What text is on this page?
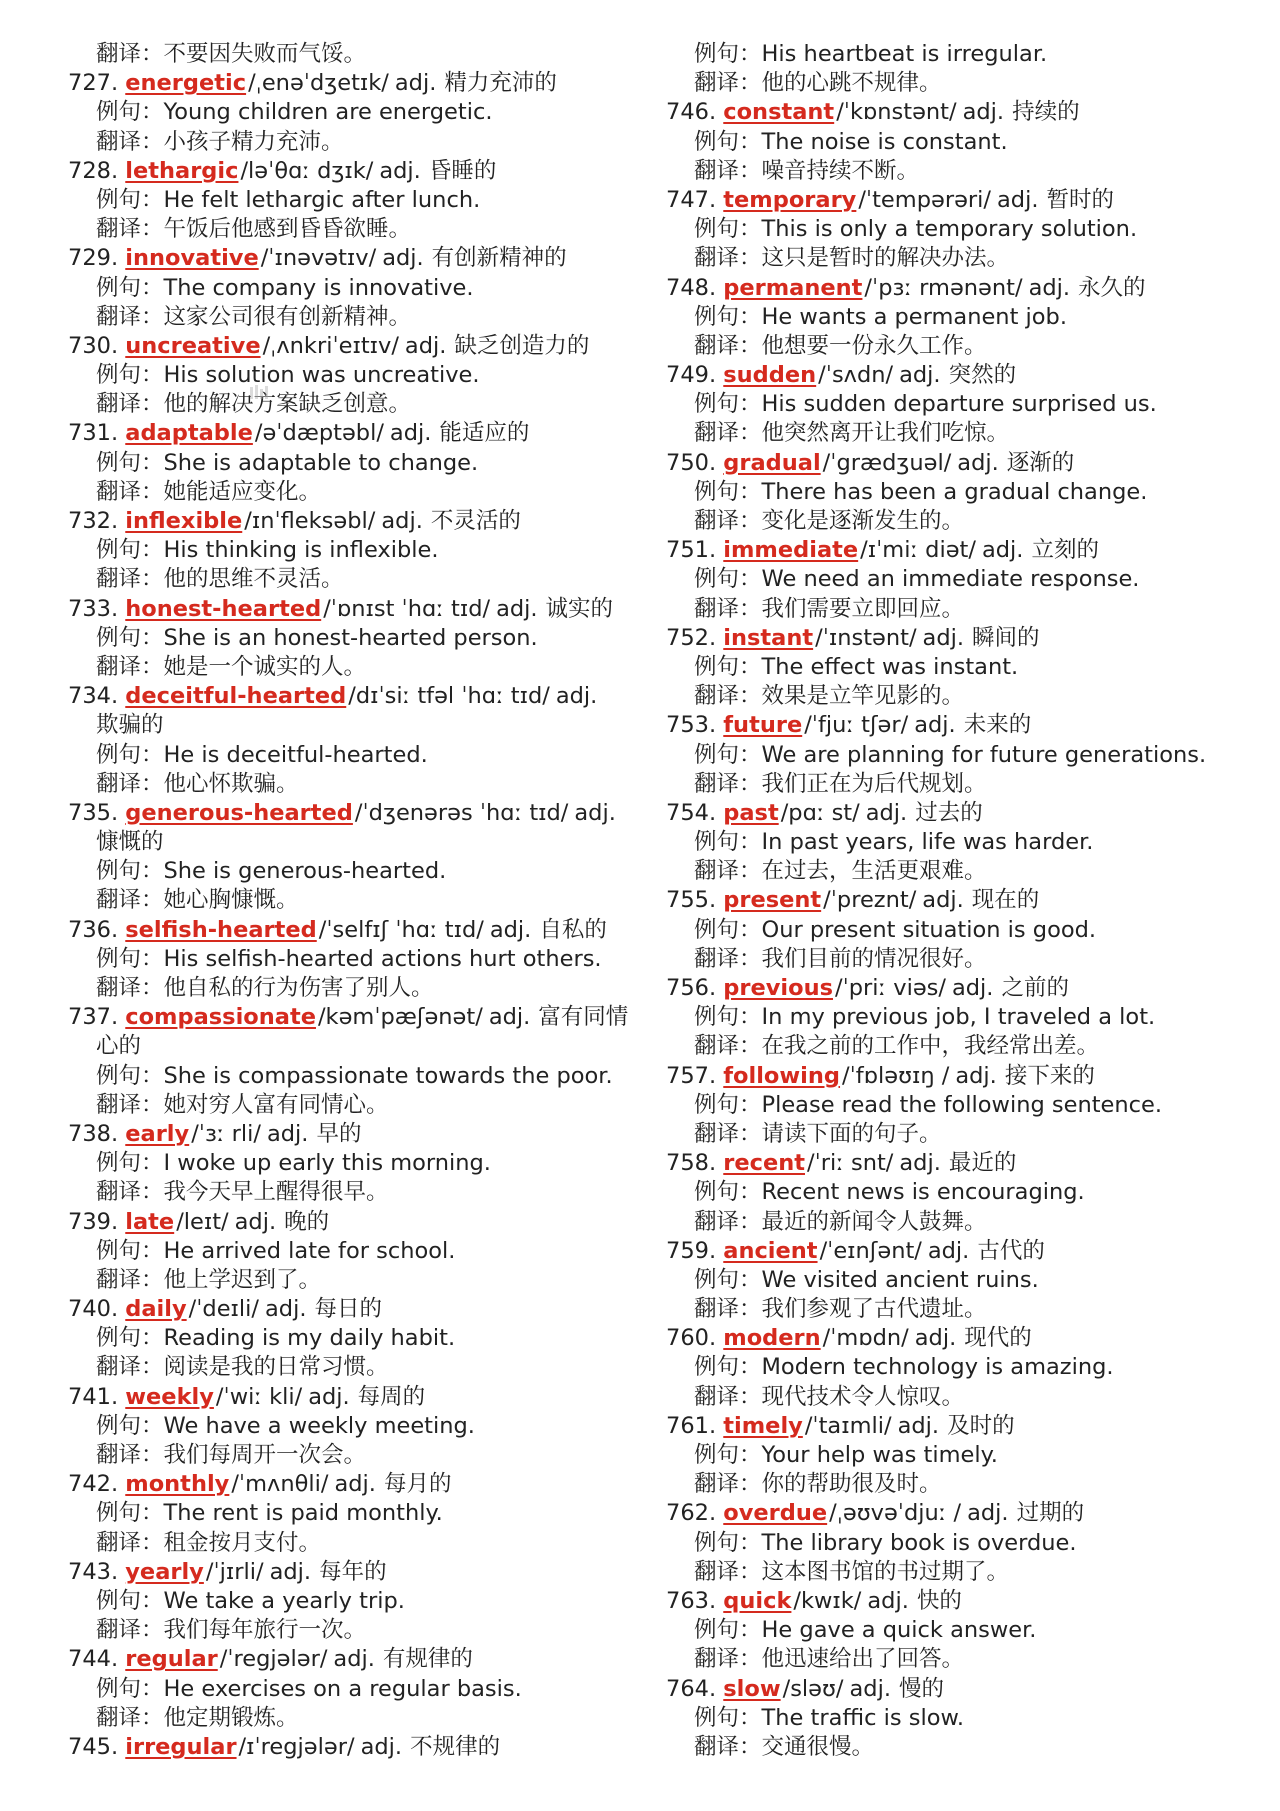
翻译：不要因失败而气馁。
727. energetic/ˌenəˈdʒetɪk/ adj. 精力充沛的
例句：Young children are energetic.
翻译：小孩子精力充沛。
728. lethargic/ləˈθɑː dʒɪk/ adj. 昏睡的
例句：He felt lethargic after lunch.
翻译：午饭后他感到昏昏欲睡。
729. innovative/ˈɪnəvətɪv/ adj. 有创新精神的
例句：The company is innovative.
翻译：这家公司很有创新精神。
730. uncreative/ˌʌnkriˈeɪtɪv/ adj. 缺乏创造力的
例句：His solution was uncreative.
翻译：他的解决方案缺乏创意。
731. adaptable/əˈdæptəbl/ adj. 能适应的
例句：She is adaptable to change.
翻译：她能适应变化。
732. inflexible/ɪnˈfleksəbl/ adj. 不灵活的
例句：His thinking is inflexible.
翻译：他的思维不灵活。
733. honest-hearted/ˈɒnɪst ˈhɑː tɪd/ adj. 诚实的
例句：She is an honest-hearted person.
翻译：她是一个诚实的人。
734. deceitful-hearted/dɪˈsiː tfəl ˈhɑː tɪd/ adj.
欺骗的
例句：He is deceitful-hearted.
翻译：他心怀欺骗。
735. generous-hearted/ˈdʒenərəs ˈhɑː tɪd/ adj.
慷慨的
例句：She is generous-hearted.
翻译：她心胸慷慨。
736. selfish-hearted/ˈselfɪʃ ˈhɑː tɪd/ adj. 自私的
例句：His selfish-hearted actions hurt others.
翻译：他自私的行为伤害了别人。
737. compassionate/kəmˈpæʃənət/ adj. 富有同情
心的
例句：She is compassionate towards the poor.
翻译：她对穷人富有同情心。
738. early/ˈɜː rli/ adj. 早的
例句：I woke up early this morning.
翻译：我今天早上醒得很早。
739. late/leɪt/ adj. 晚的
例句：He arrived late for school.
翻译：他上学迟到了。
740. daily/ˈdeɪli/ adj. 每日的
例句：Reading is my daily habit.
翻译：阅读是我的日常习惯。
741. weekly/ˈwiː kli/ adj. 每周的
例句：We have a weekly meeting.
翻译：我们每周开一次会。
742. monthly/ˈmʌnθli/ adj. 每月的
例句：The rent is paid monthly.
翻译：租金按月支付。
743. yearly/ˈjɪrli/ adj. 每年的
例句：We take a yearly trip.
翻译：我们每年旅行一次。
744. regular/ˈregjələr/ adj. 有规律的
例句：He exercises on a regular basis.
翻译：他定期锻炼。
745. irregular/ɪˈregjələr/ adj. 不规律的
例句：His heartbeat is irregular.
翻译：他的心跳不规律。
746. constant/ˈkɒnstənt/ adj. 持续的
例句：The noise is constant.
翻译：噪音持续不断。
747. temporary/ˈtempərəri/ adj. 暂时的
例句：This is only a temporary solution.
翻译：这只是暂时的解决办法。
748. permanent/ˈpɜː rmənənt/ adj. 永久的
例句：He wants a permanent job.
翻译：他想要一份永久工作。
749. sudden/ˈsʌdn/ adj. 突然的
例句：His sudden departure surprised us.
翻译：他突然离开让我们吃惊。
750. gradual/ˈgrædʒuəl/ adj. 逐渐的
例句：There has been a gradual change.
翻译：变化是逐渐发生的。
751. immediate/ɪˈmiː diət/ adj. 立刻的
例句：We need an immediate response.
翻译：我们需要立即回应。
752. instant/ˈɪnstənt/ adj. 瞬间的
例句：The effect was instant.
翻译：效果是立竿见影的。
753. future/ˈfjuː tʃər/ adj. 未来的
例句：We are planning for future generations.
翻译：我们正在为后代规划。
754. past/pɑː st/ adj. 过去的
例句：In past years, life was harder.
翻译：在过去，生活更艰难。
755. present/ˈpreznt/ adj. 现在的
例句：Our present situation is good.
翻译：我们目前的情况很好。
756. previous/ˈpriː viəs/ adj. 之前的
例句：In my previous job, I traveled a lot.
翻译：在我之前的工作中，我经常出差。
757. following/ˈfɒləʊɪŋ / adj. 接下来的
例句：Please read the following sentence.
翻译：请读下面的句子。
758. recent/ˈriː snt/ adj. 最近的
例句：Recent news is encouraging.
翻译：最近的新闻令人鼓舞。
759. ancient/ˈeɪnʃənt/ adj. 古代的
例句：We visited ancient ruins.
翻译：我们参观了古代遗址。
760. modern/ˈmɒdn/ adj. 现代的
例句：Modern technology is amazing.
翻译：现代技术令人惊叹。
761. timely/ˈtaɪmli/ adj. 及时的
例句：Your help was timely.
翻译：你的帮助很及时。
762. overdue/ˌəʊvəˈdjuː / adj. 过期的
例句：The library book is overdue.
翻译：这本图书馆的书过期了。
763. quick/kwɪk/ adj. 快的
例句：He gave a quick answer.
翻译：他迅速给出了回答。
764. slow/sləʊ/ adj. 慢的
例句：The traffic is slow.
翻译：交通很慢。
